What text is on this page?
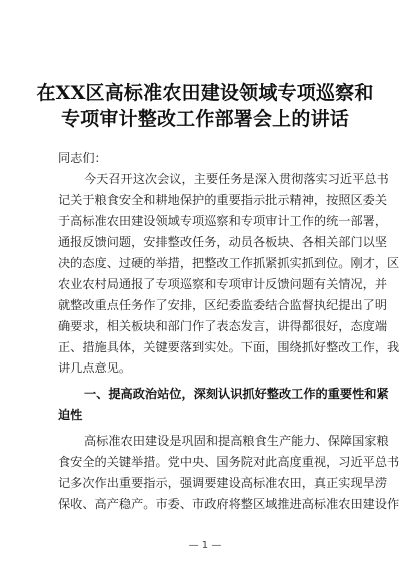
在XX区高标准农田建设领域专项巡察和
专项审计整改工作部署会上的讲话
同志们：
今天召开这次会议，主要任务是深入贯彻落实习近平总书
记关于粮食安全和耕地保护的重要指示批示精神，按照区委关
于高标准农田建设领域专项巡察和专项审计工作的统一部署，
通报反馈问题，安排整改任务，动员各板块、各相关部门以坚
决的态度、过硬的举措，把整改工作抓紧抓实抓到位。刚才，区
农业农村局通报了专项巡察和专项审计反馈问题有关情况，并
就整改重点任务作了安排，区纪委监委结合监督执纪提出了明
确要求，相关板块和部门作了表态发言，讲得都很好，态度端
正、措施具体，关键要落到实处。下面，围绕抓好整改工作，我
讲几点意见。
一、提高政治站位，深刻认识抓好整改工作的重要性和紧
迫性
高标准农田建设是巩固和提高粮食生产能力、保障国家粮
食安全的关键举措。党中央、国务院对此高度重视，习近平总书
记多次作出重要指示，强调要建设高标准农田，真正实现旱涝
保收、高产稳产。市委、市政府将整区域推进高标准农田建设作
— 1 —
